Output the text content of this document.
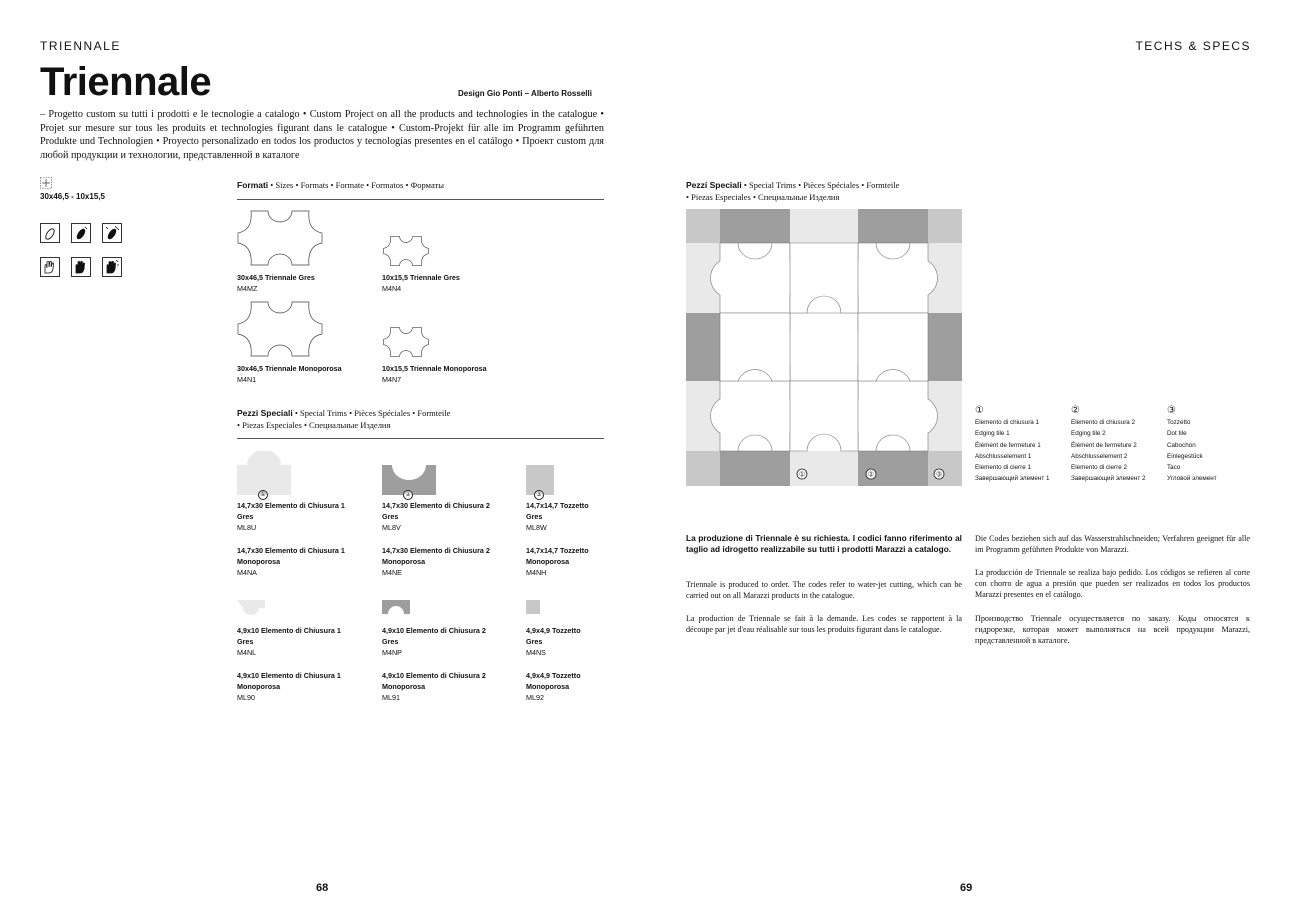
TRIENNALE	TECHS & SPECS
Triennale	Design Gio Ponti – Alberto Rosselli
– Progetto custom su tutti i prodotti e le tecnologie a catalogo • Custom Project on all the products and technologies in the catalogue • Projet sur mesure sur tous les produits et technologies figurant dans le catalogue • Custom-Projekt für alle im Programm geführten Produkte und Technologien • Proyecto personalizado en todos los productos y tecnologías presentes en el catálogo • Проект custom для любой продукции и технологии, представленной в каталоге
30x46,5 - 10x15,5
Formati • Sizes • Formats • Formate • Formatos • Форматы
30x46,5 Triennale Gres
M4MZ
10x15,5 Triennale Gres
M4N4
30x46,5 Triennale Monoporosa
M4N1
10x15,5 Triennale Monoporosa
M4N7
Pezzi Speciali • Special Trims • Pièces Spéciales • Formteile
• Piezas Especiales • Специальные Изделия
①	②	③
14,7x30 Elemento di Chiusura 1
Gres
ML8U
14,7x30 Elemento di Chiusura 2
Gres
ML8V
14,7x14,7 Tozzetto
Gres
ML8W
14,7x30 Elemento di Chiusura 1
Monoporosa
M4NA
14,7x30 Elemento di Chiusura 2
Monoporosa
M4NE
14,7x14,7 Tozzetto
Monoporosa
M4NH
4,9x10 Elemento di Chiusura 1
Gres
M4NL
4,9x10 Elemento di Chiusura 2
Gres
M4NP
4,9x4,9 Tozzetto
Gres
M4NS
4,9x10 Elemento di Chiusura 1
Monoporosa
ML90
4,9x10 Elemento di Chiusura 2
Monoporosa
ML91
4,9x4,9 Tozzetto
Monoporosa
ML92
Pezzi Speciali • Special Trims • Pièces Spéciales • Formteile
• Piezas Especiales • Специальные Изделия
①	②	③
①
Elemento di chiusura 1
Edging tile 1
Élément de fermeture 1
Abschlusselement 1
Elemento di cierre 1
Завершающий элемент 1
②
Elemento di chiusura 2
Edging tile 2
Élément de fermeture 2
Abschlusselement 2
Elemento di cierre 2
Завершающий элемент 2
③
Tozzetto
Dot tile
Cabochon
Einlegestück
Taco
Угловой элемент
La produzione di Triennale è su richiesta. I codici fanno riferimento al taglio ad idrogetto realizzabile su tutti i prodotti Marazzi a catalogo.
Triennale is produced to order. The codes refer to water-jet cutting, which can be carried out on all Marazzi products in the catalogue.
La production de Triennale se fait à la demande. Les codes se rapportent à la découpe par jet d'eau réalisable sur tous les produits figurant dans le catalogue.
Die Codes beziehen sich auf das Wasserstrahlschneiden; Verfahren geeignet für alle im Programm geführten Produkte von Marazzi.
La producción de Triennale se realiza bajo pedido. Los códigos se refieren al corte con chorro de agua a presión que pueden ser realizados en todos los productos Marazzi presentes en el catálogo.
Производство Triennale осуществляется по заказу. Коды относятся к гидрорезке, которая может выполняться на всей продукции Marazzi, представленной в каталоге.
68	69
